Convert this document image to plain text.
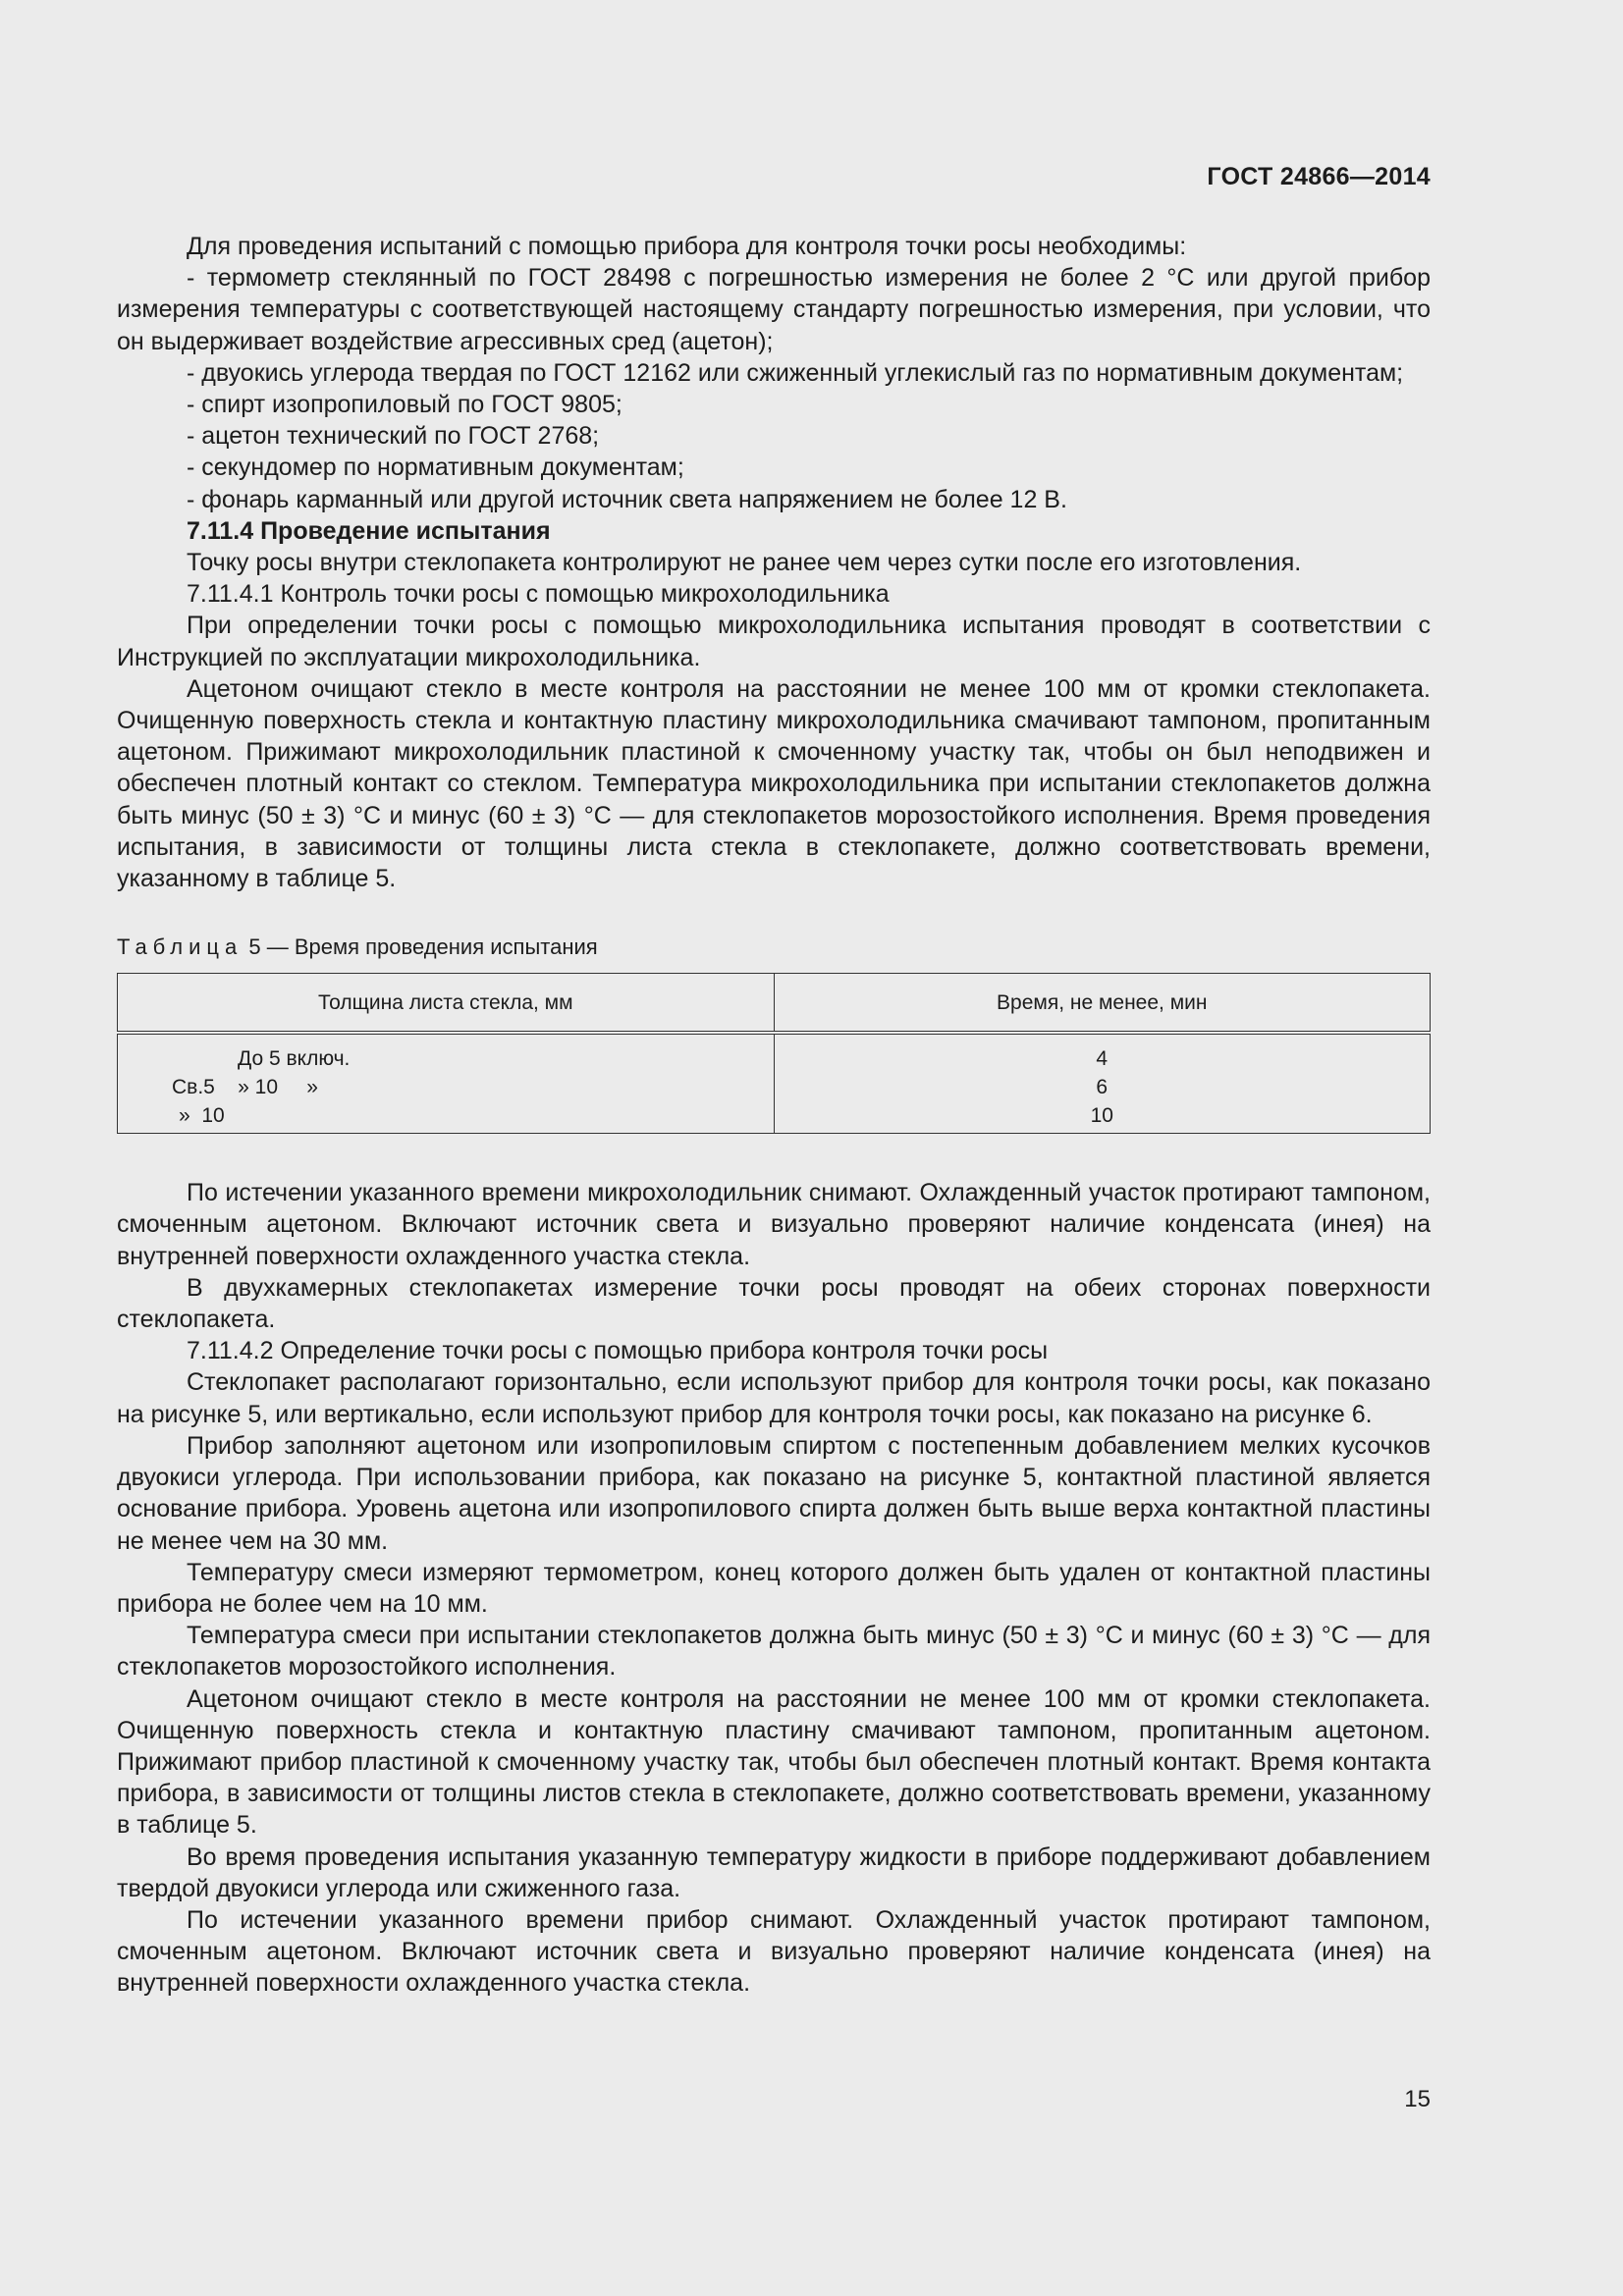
ГОСТ 24866—2014

Для проведения испытаний с помощью прибора для контроля точки росы необходимы:

- термометр стеклянный по ГОСТ 28498 с погрешностью измерения не более 2 °С или другой прибор измерения температуры с соответствующей настоящему стандарту погрешностью измерения, при условии, что он выдерживает воздействие агрессивных сред (ацетон);

- двуокись углерода твердая по ГОСТ 12162 или сжиженный углекислый газ по нормативным документам;

- спирт изопропиловый по ГОСТ 9805;

- ацетон технический по ГОСТ 2768;

- секундомер по нормативным документам;

- фонарь карманный или другой источник света напряжением не более 12 В.

7.11.4 Проведение испытания

Точку росы внутри стеклопакета контролируют не ранее чем через сутки после его изготовления.

7.11.4.1 Контроль точки росы с помощью микрохолодильника

При определении точки росы с помощью микрохолодильника испытания проводят в соответствии с Инструкцией по эксплуатации микрохолодильника.

Ацетоном очищают стекло в месте контроля на расстоянии не менее 100 мм от кромки стеклопакета. Очищенную поверхность стекла и контактную пластину микрохолодильника смачивают тампоном, пропитанным ацетоном. Прижимают микрохолодильник пластиной к смоченному участку так, чтобы он был неподвижен и обеспечен плотный контакт со стеклом. Температура микрохолодильника при испытании стеклопакетов должна быть минус (50 ± 3) °С и минус (60 ± 3) °С — для стеклопакетов морозостойкого исполнения. Время проведения испытания, в зависимости от толщины листа стекла в стеклопакете, должно соответствовать времени, указанному в таблице 5.

Таблица 5 — Время проведения испытания
Толщина листа стекла, мм	Время, не менее, мин

До 5 включ.	4

Св.5    » 10     »	6

»  10	10

По истечении указанного времени микрохолодильник снимают. Охлажденный участок протирают тампоном, смоченным ацетоном. Включают источник света и визуально проверяют наличие конденсата (инея) на внутренней поверхности охлажденного участка стекла.

В двухкамерных стеклопакетах измерение точки росы проводят на обеих сторонах поверхности стеклопакета.

7.11.4.2 Определение точки росы с помощью прибора контроля точки росы

Стеклопакет располагают горизонтально, если используют прибор для контроля точки росы, как показано на рисунке 5, или вертикально, если используют прибор для контроля точки росы, как показано на рисунке 6.

Прибор заполняют ацетоном или изопропиловым спиртом с постепенным добавлением мелких кусочков двуокиси углерода. При использовании прибора, как показано на рисунке 5, контактной пластиной является основание прибора. Уровень ацетона или изопропилового спирта должен быть выше верха контактной пластины не менее чем на 30 мм.

Температуру смеси измеряют термометром, конец которого должен быть удален от контактной пластины прибора не более чем на 10 мм.

Температура смеси при испытании стеклопакетов должна быть минус (50 ± 3) °С и минус (60 ± 3) °С — для стеклопакетов морозостойкого исполнения.

Ацетоном очищают стекло в месте контроля на расстоянии не менее 100 мм от кромки стеклопакета. Очищенную поверхность стекла и контактную пластину смачивают тампоном, пропитанным ацетоном. Прижимают прибор пластиной к смоченному участку так, чтобы был обеспечен плотный контакт. Время контакта прибора, в зависимости от толщины листов стекла в стеклопакете, должно соответствовать времени, указанному в таблице 5.

Во время проведения испытания указанную температуру жидкости в приборе поддерживают добавлением твердой двуокиси углерода или сжиженного газа.

По истечении указанного времени прибор снимают. Охлажденный участок протирают тампоном, смоченным ацетоном. Включают источник света и визуально проверяют наличие конденсата (инея) на внутренней поверхности охлажденного участка стекла.

15
